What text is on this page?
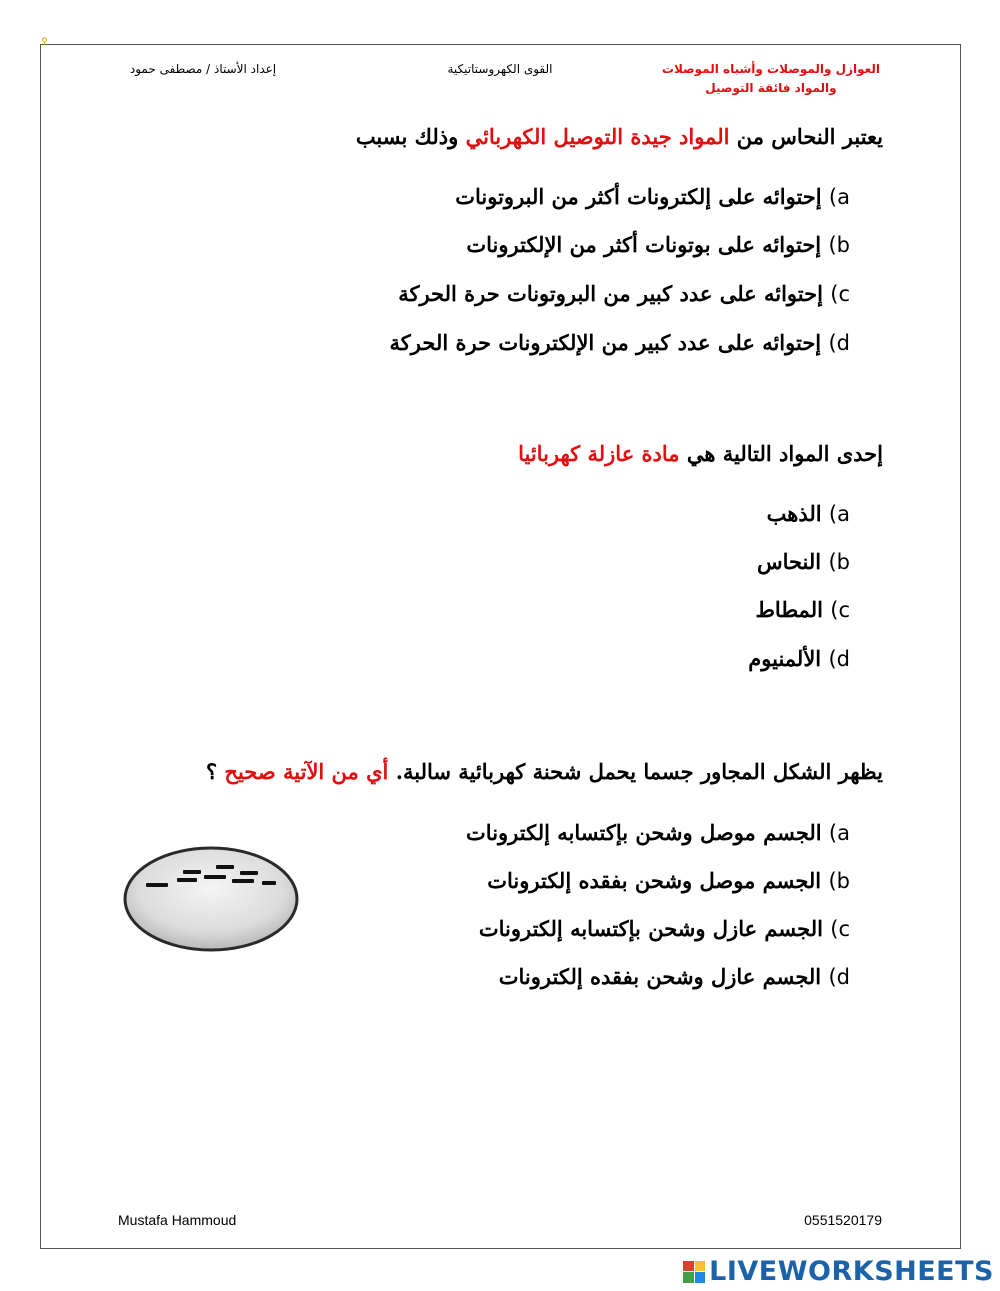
⚲
العوازل والموصلات وأشباه الموصلات
والمواد فائقة التوصيل
القوى الكهروستاتيكية
إعداد الأستاذ / مصطفى حمود
يعتبر النحاس من المواد جيدة التوصيل الكهربائي وذلك بسبب
a) إحتوائه على إلكترونات أكثر من البروتونات
b) إحتوائه على بوتونات أكثر من الإلكترونات
c) إحتوائه على عدد كبير من البروتونات حرة الحركة
d) إحتوائه على عدد كبير من الإلكترونات حرة الحركة
إحدى المواد التالية هي مادة عازلة كهربائيا
a) الذهب
b) النحاس
c) المطاط
d) الألمنيوم
يظهر الشكل المجاور جسما يحمل شحنة كهربائية سالبة. أي من الآتية صحيح ؟
a) الجسم موصل وشحن بإكتسابه إلكترونات
b) الجسم موصل وشحن بفقده إلكترونات
c) الجسم عازل وشحن بإكتسابه إلكترونات
d) الجسم عازل وشحن بفقده إلكترونات
Mustafa Hammoud	0551520179
LIVEWORKSHEETS
